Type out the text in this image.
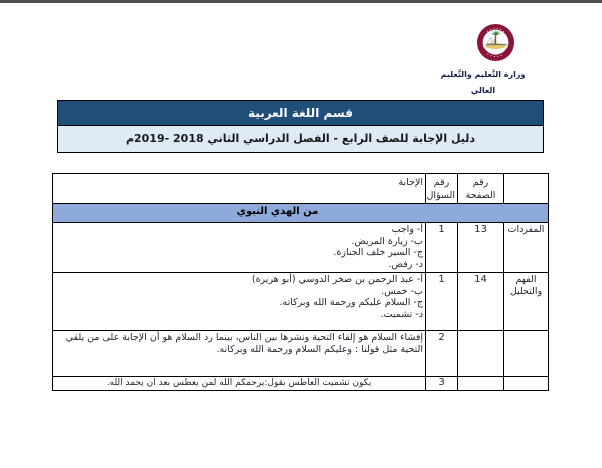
وزارة التَّعليم والتَّعليم العالي
قسم اللغة العربية
دليل الإجابة للصف الرابع - الفصل الدراسي الثاني 2018 -2019م
	رقم الصفحة	رقم السؤال	الإجابة
من الهدي النبوي			
المفردات	13	1	أ- واجب
ب- زيارة المريض.
ج- السير خلف الجنازة.
د- رفض.

الفهم والتحليل	14	1	أ- عبد الرحمن بن صخر الدوسي (أبو هريرة)
ب- خمس.
ج- السلام عليكم ورحمة الله وبركاته.
د- تشميت.

		2	إفشاء السلام هو إلقاء التحية ونشرها بين الناس، بينما رد السلام هو أن الإجابة على من يلقي التحية مثل قولنا : وعليكم السلام ورحمة الله وبركاته.

		3	يكون تشميت العاطس بقول:يرحمكم الله لمن يعطس بعد ان يحمد الله.
